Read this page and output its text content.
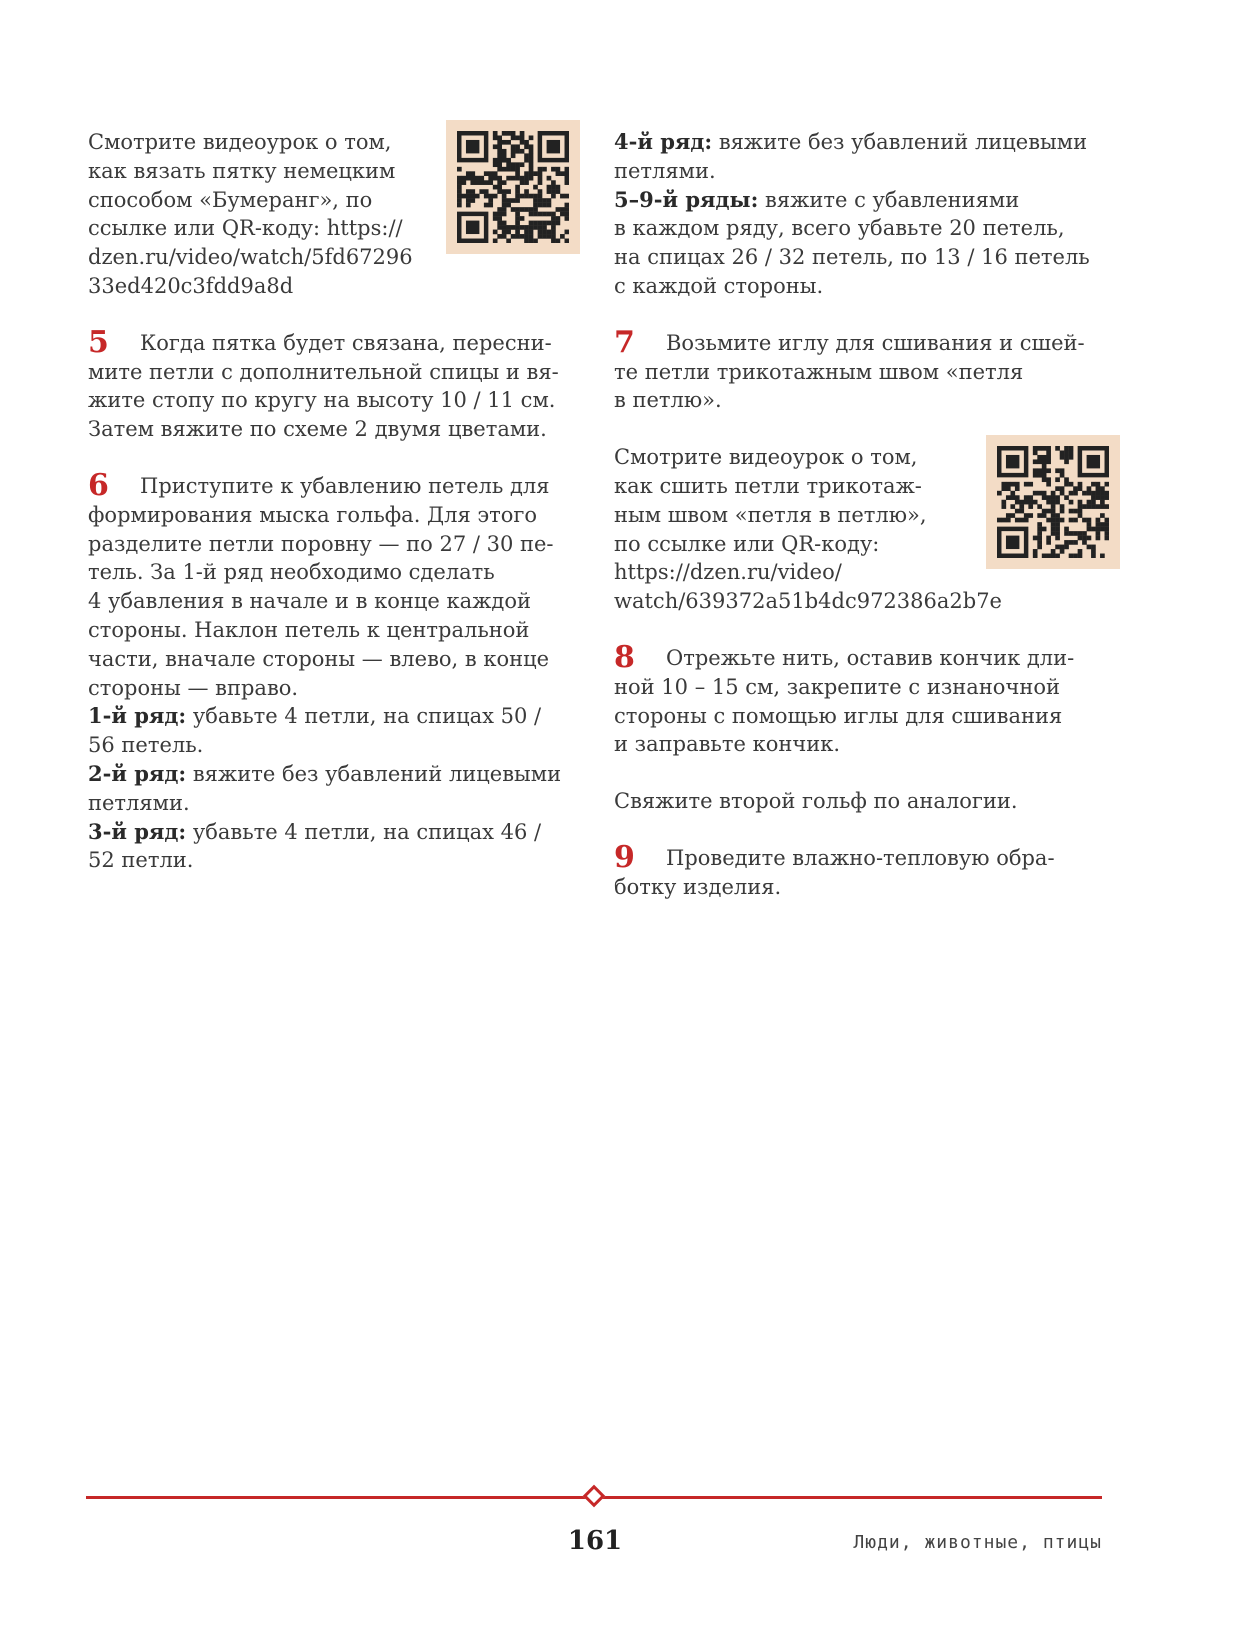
Смотрите видеоурок о том,
как вязать пятку немецким
способом «Бумеранг», по
ссылке или QR-коду: https://
dzen.ru/video/watch/5fd67296
33ed420c3fdd9a8d

5 Когда пятка будет связана, пересни-
мите петли с дополнительной спицы и вя-
жите стопу по кругу на высоту 10 / 11 см.
Затем вяжите по схеме 2 двумя цветами.

6 Приступите к убавлению петель для
формирования мыска гольфа. Для этого
разделите петли поровну — по 27 / 30 пе-
тель. За 1-й ряд необходимо сделать
4 убавления в начале и в конце каждой
стороны. Наклон петель к центральной
части, вначале стороны — влево, в конце
стороны — вправо.
1-й ряд: убавьте 4 петли, на спицах 50 /
56 петель.
2-й ряд: вяжите без убавлений лицевыми
петлями.
3-й ряд: убавьте 4 петли, на спицах 46 /
52 петли.

4-й ряд: вяжите без убавлений лицевыми
петлями.
5–9-й ряды: вяжите с убавлениями
в каждом ряду, всего убавьте 20 петель,
на спицах 26 / 32 петель, по 13 / 16 петель
с каждой стороны.

7 Возьмите иглу для сшивания и сшей-
те петли трикотажным швом «петля
в петлю».

Смотрите видеоурок о том,
как сшить петли трикотаж-
ным швом «петля в петлю»,
по ссылке или QR-коду:
https://dzen.ru/video/
watch/639372a51b4dc972386a2b7e

8 Отрежьте нить, оставив кончик дли-
ной 10 – 15 см, закрепите с изнаночной
стороны с помощью иглы для сшивания
и заправьте кончик.

Свяжите второй гольф по аналогии.

9 Проведите влажно-тепловую обра-
ботку изделия.

161	Люди, животные, птицы
